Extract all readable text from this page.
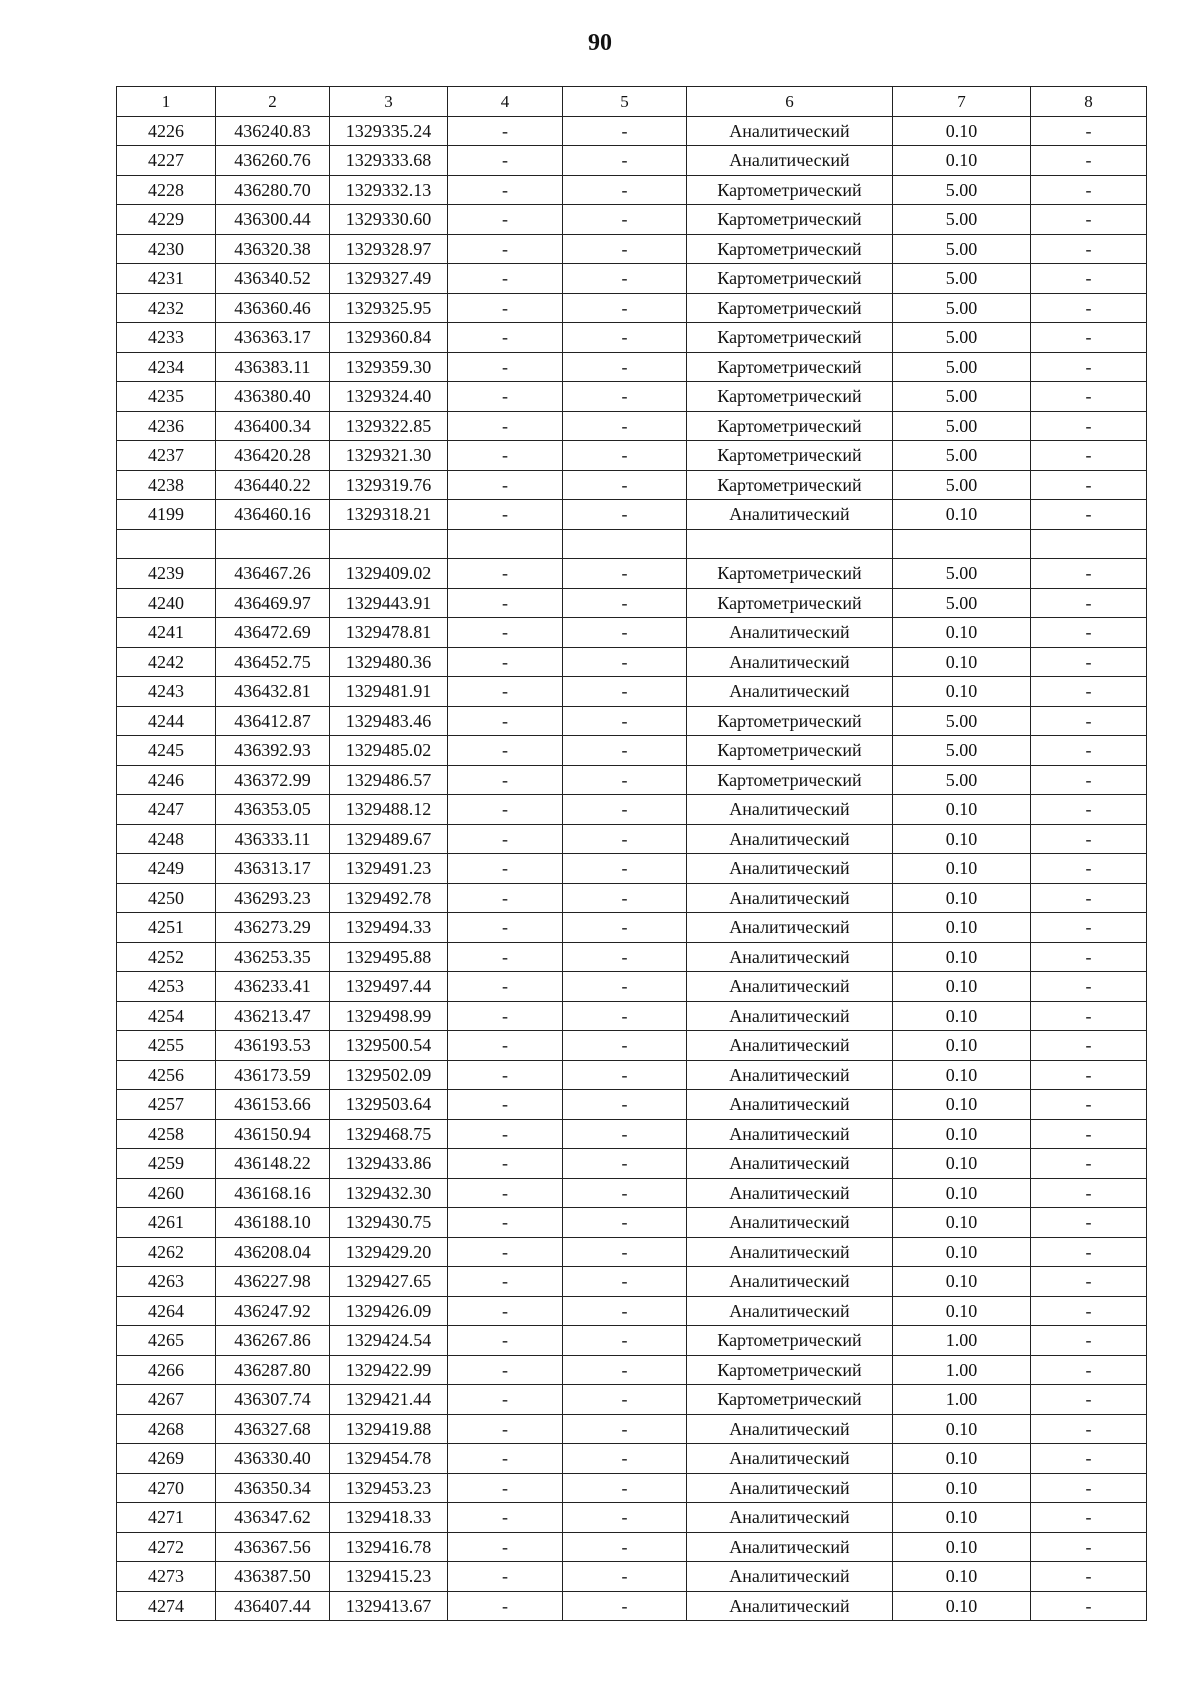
90
1	2	3	4	5	6	7	8
4226	436240.83	1329335.24	-	-	Аналитический	0.10	-
4227	436260.76	1329333.68	-	-	Аналитический	0.10	-
4228	436280.70	1329332.13	-	-	Картометрический	5.00	-
4229	436300.44	1329330.60	-	-	Картометрический	5.00	-
4230	436320.38	1329328.97	-	-	Картометрический	5.00	-
4231	436340.52	1329327.49	-	-	Картометрический	5.00	-
4232	436360.46	1329325.95	-	-	Картометрический	5.00	-
4233	436363.17	1329360.84	-	-	Картометрический	5.00	-
4234	436383.11	1329359.30	-	-	Картометрический	5.00	-
4235	436380.40	1329324.40	-	-	Картометрический	5.00	-
4236	436400.34	1329322.85	-	-	Картометрический	5.00	-
4237	436420.28	1329321.30	-	-	Картометрический	5.00	-
4238	436440.22	1329319.76	-	-	Картометрический	5.00	-
4199	436460.16	1329318.21	-	-	Аналитический	0.10	-

4239	436467.26	1329409.02	-	-	Картометрический	5.00	-
4240	436469.97	1329443.91	-	-	Картометрический	5.00	-
4241	436472.69	1329478.81	-	-	Аналитический	0.10	-
4242	436452.75	1329480.36	-	-	Аналитический	0.10	-
4243	436432.81	1329481.91	-	-	Аналитический	0.10	-
4244	436412.87	1329483.46	-	-	Картометрический	5.00	-
4245	436392.93	1329485.02	-	-	Картометрический	5.00	-
4246	436372.99	1329486.57	-	-	Картометрический	5.00	-
4247	436353.05	1329488.12	-	-	Аналитический	0.10	-
4248	436333.11	1329489.67	-	-	Аналитический	0.10	-
4249	436313.17	1329491.23	-	-	Аналитический	0.10	-
4250	436293.23	1329492.78	-	-	Аналитический	0.10	-
4251	436273.29	1329494.33	-	-	Аналитический	0.10	-
4252	436253.35	1329495.88	-	-	Аналитический	0.10	-
4253	436233.41	1329497.44	-	-	Аналитический	0.10	-
4254	436213.47	1329498.99	-	-	Аналитический	0.10	-
4255	436193.53	1329500.54	-	-	Аналитический	0.10	-
4256	436173.59	1329502.09	-	-	Аналитический	0.10	-
4257	436153.66	1329503.64	-	-	Аналитический	0.10	-
4258	436150.94	1329468.75	-	-	Аналитический	0.10	-
4259	436148.22	1329433.86	-	-	Аналитический	0.10	-
4260	436168.16	1329432.30	-	-	Аналитический	0.10	-
4261	436188.10	1329430.75	-	-	Аналитический	0.10	-
4262	436208.04	1329429.20	-	-	Аналитический	0.10	-
4263	436227.98	1329427.65	-	-	Аналитический	0.10	-
4264	436247.92	1329426.09	-	-	Аналитический	0.10	-
4265	436267.86	1329424.54	-	-	Картометрический	1.00	-
4266	436287.80	1329422.99	-	-	Картометрический	1.00	-
4267	436307.74	1329421.44	-	-	Картометрический	1.00	-
4268	436327.68	1329419.88	-	-	Аналитический	0.10	-
4269	436330.40	1329454.78	-	-	Аналитический	0.10	-
4270	436350.34	1329453.23	-	-	Аналитический	0.10	-
4271	436347.62	1329418.33	-	-	Аналитический	0.10	-
4272	436367.56	1329416.78	-	-	Аналитический	0.10	-
4273	436387.50	1329415.23	-	-	Аналитический	0.10	-
4274	436407.44	1329413.67	-	-	Аналитический	0.10	-
